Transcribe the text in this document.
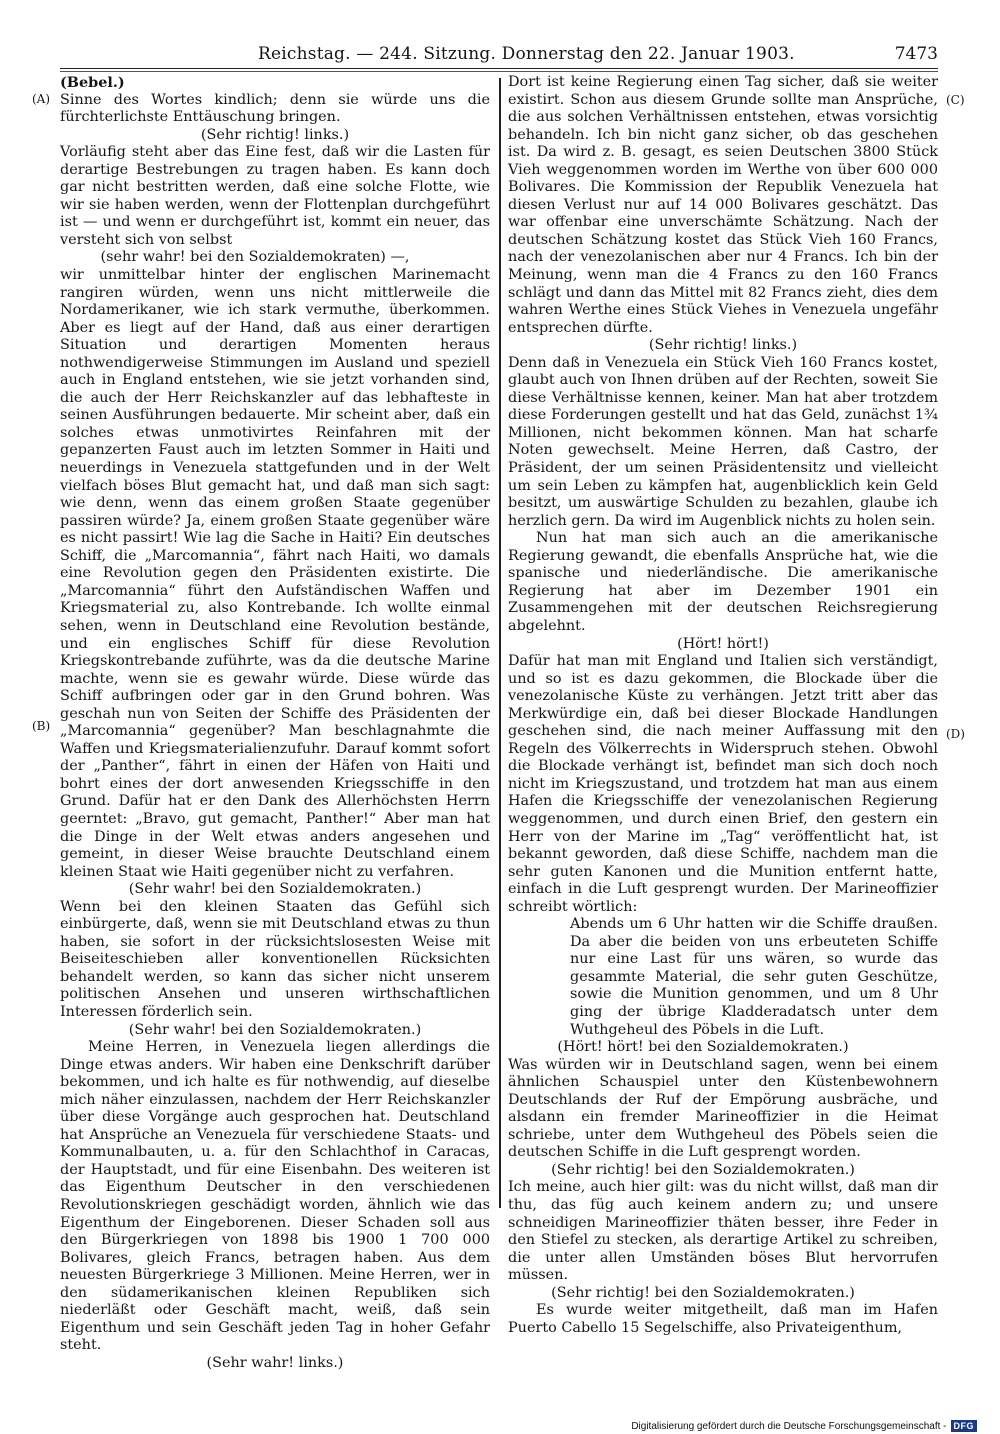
Reichstag. — 244. Sitzung. Donnerstag den 22. Januar 1903.	7473
(A)
(B)
(C)
(D)

(Bebel.)

Sinne des Wortes kindlich; denn sie würde uns die fürchterlichste Enttäuschung bringen.

(Sehr richtig! links.)

Vorläufig steht aber das Eine fest, daß wir die Lasten für derartige Bestrebungen zu tragen haben. Es kann doch gar nicht bestritten werden, daß eine solche Flotte, wie wir sie haben werden, wenn der Flottenplan durchgeführt ist — und wenn er durchgeführt ist, kommt ein neuer, das versteht sich von selbst

(sehr wahr! bei den Sozialdemokraten) —,

wir unmittelbar hinter der englischen Marinemacht rangiren würden, wenn uns nicht mittlerweile die Nordamerikaner, wie ich stark vermuthe, überkommen. Aber es liegt auf der Hand, daß aus einer derartigen Situation und derartigen Momenten heraus nothwendigerweise Stimmungen im Ausland und speziell auch in England entstehen, wie sie jetzt vorhanden sind, die auch der Herr Reichskanzler auf das lebhafteste in seinen Ausführungen bedauerte. Mir scheint aber, daß ein solches etwas unmotivirtes Reinfahren mit der gepanzerten Faust auch im letzten Sommer in Haiti und neuerdings in Venezuela stattgefunden und in der Welt vielfach böses Blut gemacht hat, und daß man sich sagt: wie denn, wenn das einem großen Staate gegenüber passiren würde? Ja, einem großen Staate gegenüber wäre es nicht passirt! Wie lag die Sache in Haiti? Ein deutsches Schiff, die „Marcomannia“, fährt nach Haiti, wo damals eine Revolution gegen den Präsidenten existirte. Die „Marcomannia“ führt den Aufständischen Waffen und Kriegsmaterial zu, also Kontrebande. Ich wollte einmal sehen, wenn in Deutschland eine Revolution bestände, und ein englisches Schiff für diese Revolution Kriegskontrebande zuführte, was da die deutsche Marine machte, wenn sie es gewahr würde. Diese würde das Schiff aufbringen oder gar in den Grund bohren. Was geschah nun von Seiten der Schiffe des Präsidenten der „Marcomannia“ gegenüber? Man beschlagnahmte die Waffen und Kriegsmaterialienzufuhr. Darauf kommt sofort der „Panther“, fährt in einen der Häfen von Haiti und bohrt eines der dort anwesenden Kriegsschiffe in den Grund. Dafür hat er den Dank des Allerhöchsten Herrn geerntet: „Bravo, gut gemacht, Panther!“ Aber man hat die Dinge in der Welt etwas anders angesehen und gemeint, in dieser Weise brauchte Deutschland einem kleinen Staat wie Haiti gegenüber nicht zu verfahren.

(Sehr wahr! bei den Sozialdemokraten.)

Wenn bei den kleinen Staaten das Gefühl sich einbürgerte, daß, wenn sie mit Deutschland etwas zu thun haben, sie sofort in der rücksichtslosesten Weise mit Beiseiteschieben aller konventionellen Rücksichten behandelt werden, so kann das sicher nicht unserem politischen Ansehen und unseren wirthschaftlichen Interessen förderlich sein.

(Sehr wahr! bei den Sozialdemokraten.)

Meine Herren, in Venezuela liegen allerdings die Dinge etwas anders. Wir haben eine Denkschrift darüber bekommen, und ich halte es für nothwendig, auf dieselbe mich näher einzulassen, nachdem der Herr Reichskanzler über diese Vorgänge auch gesprochen hat. Deutschland hat Ansprüche an Venezuela für verschiedene Staats- und Kommunalbauten, u. a. für den Schlachthof in Caracas, der Hauptstadt, und für eine Eisenbahn. Des weiteren ist das Eigenthum Deutscher in den verschiedenen Revolutionskriegen geschädigt worden, ähnlich wie das Eigenthum der Eingeborenen. Dieser Schaden soll aus den Bürgerkriegen von 1898 bis 1900 1 700 000 Bolivares, gleich Francs, betragen haben. Aus dem neuesten Bürgerkriege 3 Millionen. Meine Herren, wer in den südamerikanischen kleinen Republiken sich niederläßt oder Geschäft macht, weiß, daß sein Eigenthum und sein Geschäft jeden Tag in hoher Gefahr steht.

(Sehr wahr! links.)

Dort ist keine Regierung einen Tag sicher, daß sie weiter existirt. Schon aus diesem Grunde sollte man Ansprüche, die aus solchen Verhältnissen entstehen, etwas vorsichtig behandeln. Ich bin nicht ganz sicher, ob das geschehen ist. Da wird z. B. gesagt, es seien Deutschen 3800 Stück Vieh weggenommen worden im Werthe von über 600 000 Bolivares. Die Kommission der Republik Venezuela hat diesen Verlust nur auf 14 000 Bolivares geschätzt. Das war offenbar eine unverschämte Schätzung. Nach der deutschen Schätzung kostet das Stück Vieh 160 Francs, nach der venezolanischen aber nur 4 Francs. Ich bin der Meinung, wenn man die 4 Francs zu den 160 Francs schlägt und dann das Mittel mit 82 Francs zieht, dies dem wahren Werthe eines Stück Viehes in Venezuela ungefähr entsprechen dürfte.

(Sehr richtig! links.)

Denn daß in Venezuela ein Stück Vieh 160 Francs kostet, glaubt auch von Ihnen drüben auf der Rechten, soweit Sie diese Verhältnisse kennen, keiner. Man hat aber trotzdem diese Forderungen gestellt und hat das Geld, zunächst 1¾ Millionen, nicht bekommen können. Man hat scharfe Noten gewechselt. Meine Herren, daß Castro, der Präsident, der um seinen Präsidentensitz und vielleicht um sein Leben zu kämpfen hat, augenblicklich kein Geld besitzt, um auswärtige Schulden zu bezahlen, glaube ich herzlich gern. Da wird im Augenblick nichts zu holen sein.

Nun hat man sich auch an die amerikanische Regierung gewandt, die ebenfalls Ansprüche hat, wie die spanische und niederländische. Die amerikanische Regierung hat aber im Dezember 1901 ein Zusammengehen mit der deutschen Reichsregierung abgelehnt.

(Hört! hört!)

Dafür hat man mit England und Italien sich verständigt, und so ist es dazu gekommen, die Blockade über die venezolanische Küste zu verhängen. Jetzt tritt aber das Merkwürdige ein, daß bei dieser Blockade Handlungen geschehen sind, die nach meiner Auffassung mit den Regeln des Völkerrechts in Widerspruch stehen. Obwohl die Blockade verhängt ist, befindet man sich doch noch nicht im Kriegszustand, und trotzdem hat man aus einem Hafen die Kriegsschiffe der venezolanischen Regierung weggenommen, und durch einen Brief, den gestern ein Herr von der Marine im „Tag“ veröffentlicht hat, ist bekannt geworden, daß diese Schiffe, nachdem man die sehr guten Kanonen und die Munition entfernt hatte, einfach in die Luft gesprengt wurden. Der Marineoffizier schreibt wörtlich:

Abends um 6 Uhr hatten wir die Schiffe draußen. Da aber die beiden von uns erbeuteten Schiffe nur eine Last für uns wären, so wurde das gesammte Material, die sehr guten Geschütze, sowie die Munition genommen, und um 8 Uhr ging der übrige Kladderadatsch unter dem Wuthgeheul des Pöbels in die Luft.

(Hört! hört! bei den Sozialdemokraten.)

Was würden wir in Deutschland sagen, wenn bei einem ähnlichen Schauspiel unter den Küstenbewohnern Deutschlands der Ruf der Empörung ausbräche, und alsdann ein fremder Marineoffizier in die Heimat schriebe, unter dem Wuthgeheul des Pöbels seien die deutschen Schiffe in die Luft gesprengt worden.

(Sehr richtig! bei den Sozialdemokraten.)

Ich meine, auch hier gilt: was du nicht willst, daß man dir thu, das füg auch keinem andern zu; und unsere schneidigen Marineoffizier thäten besser, ihre Feder in den Stiefel zu stecken, als derartige Artikel zu schreiben, die unter allen Umständen böses Blut hervorrufen müssen.

(Sehr richtig! bei den Sozialdemokraten.)

Es wurde weiter mitgetheilt, daß man im Hafen Puerto Cabello 15 Segelschiffe, also Privateigenthum,

Digitalisierung gefördert durch die Deutsche Forschungsgemeinschaft - DFG
